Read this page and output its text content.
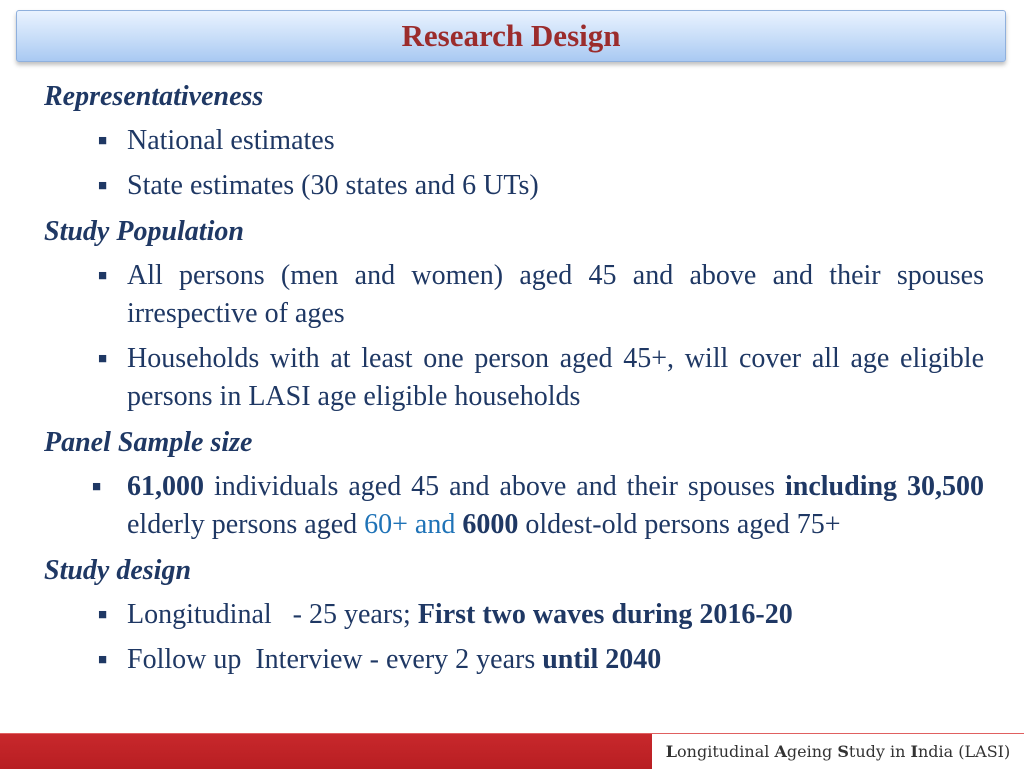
Research Design

Representativeness

■ National estimates

■ State estimates (30 states and 6 UTs)

Study Population

■ All persons (men and women) aged 45 and above and their spouses irrespective of ages

■ Households with at least one person aged 45+, will cover all age eligible persons in LASI age eligible households

Panel Sample size

■ 61,000 individuals aged 45 and above and their spouses including 30,500 elderly persons aged 60+ and 6000 oldest-old persons aged 75+

Study design

■ Longitudinal   - 25 years; First two waves during 2016-20

■ Follow up  Interview - every 2 years until 2040

L ongitudinal A geing S tudy in I ndia (LASI)
